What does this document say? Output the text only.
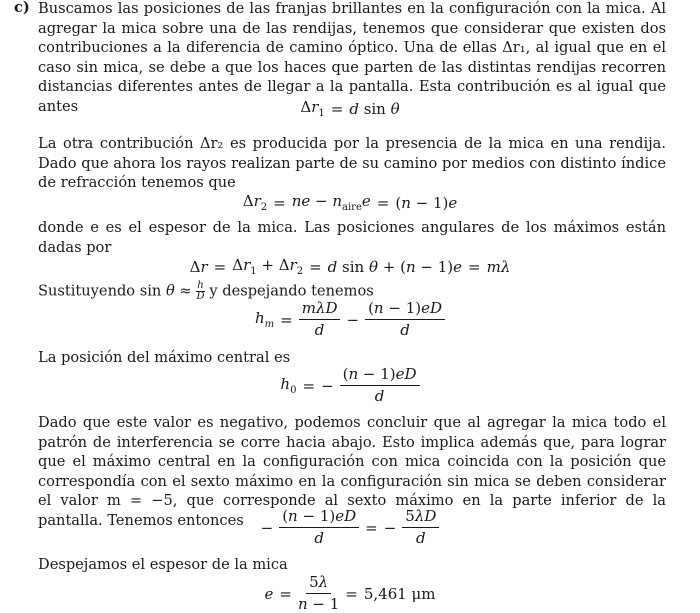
c) Buscamos las posiciones de las franjas brillantes en la configuración con la mica. Al agregar la mica sobre una de las rendijas, tenemos que considerar que existen dos contribuciones a la diferencia de camino óptico. Una de ellas Δr₁, al igual que en el caso sin mica, se debe a que los haces que parten de las distintas rendijas recorren distancias diferentes antes de llegar a la pantalla. Esta contribución es al igual que antes	$\Delta r_1 = d$ sin θ

La otra contribución Δr₂ es producida por la presencia de la mica en una rendija. Dado que ahora los rayos realizan parte de su camino por medios con distinto índice de refracción tenemos que

$\Delta r_2$ = ne − $n_{aire}e = (n - 1)e$

donde e es el espesor de la mica. Las posiciones angulares de los máximos están dadas por

$\Delta r = \Delta r_1 + \Delta r_2 = d$ sin θ + (n − 1)e = mλ

Sustituyendo $\sin \theta \approx \frac{h}{D}$ y despejando tenemos

$h_m = \frac{\text{mλD}}{d} - \frac{(n - 1)eD}{d}$

La posición del máximo central es

$h_0$ = − $\frac{(n - 1)eD}{d}$

Dado que este valor es negativo, podemos concluir que al agregar la mica todo el patrón de interferencia se corre hacia abajo. Esto implica además que, para lograr que el máximo central en la configuración con mica coincida con la posición que correspondía con el sexto máximo en la configuración sin mica se deben considerar el valor m = −5, que corresponde al sexto máximo en la parte inferior de la pantalla. Tenemos entonces	− $\frac{(n - 1)eD}{d}$ = − $\frac{5\lambda D}{d}$

Despejamos el espesor de la mica

$e = \frac{5\lambda}{n - 1} = 5,461$ μm
